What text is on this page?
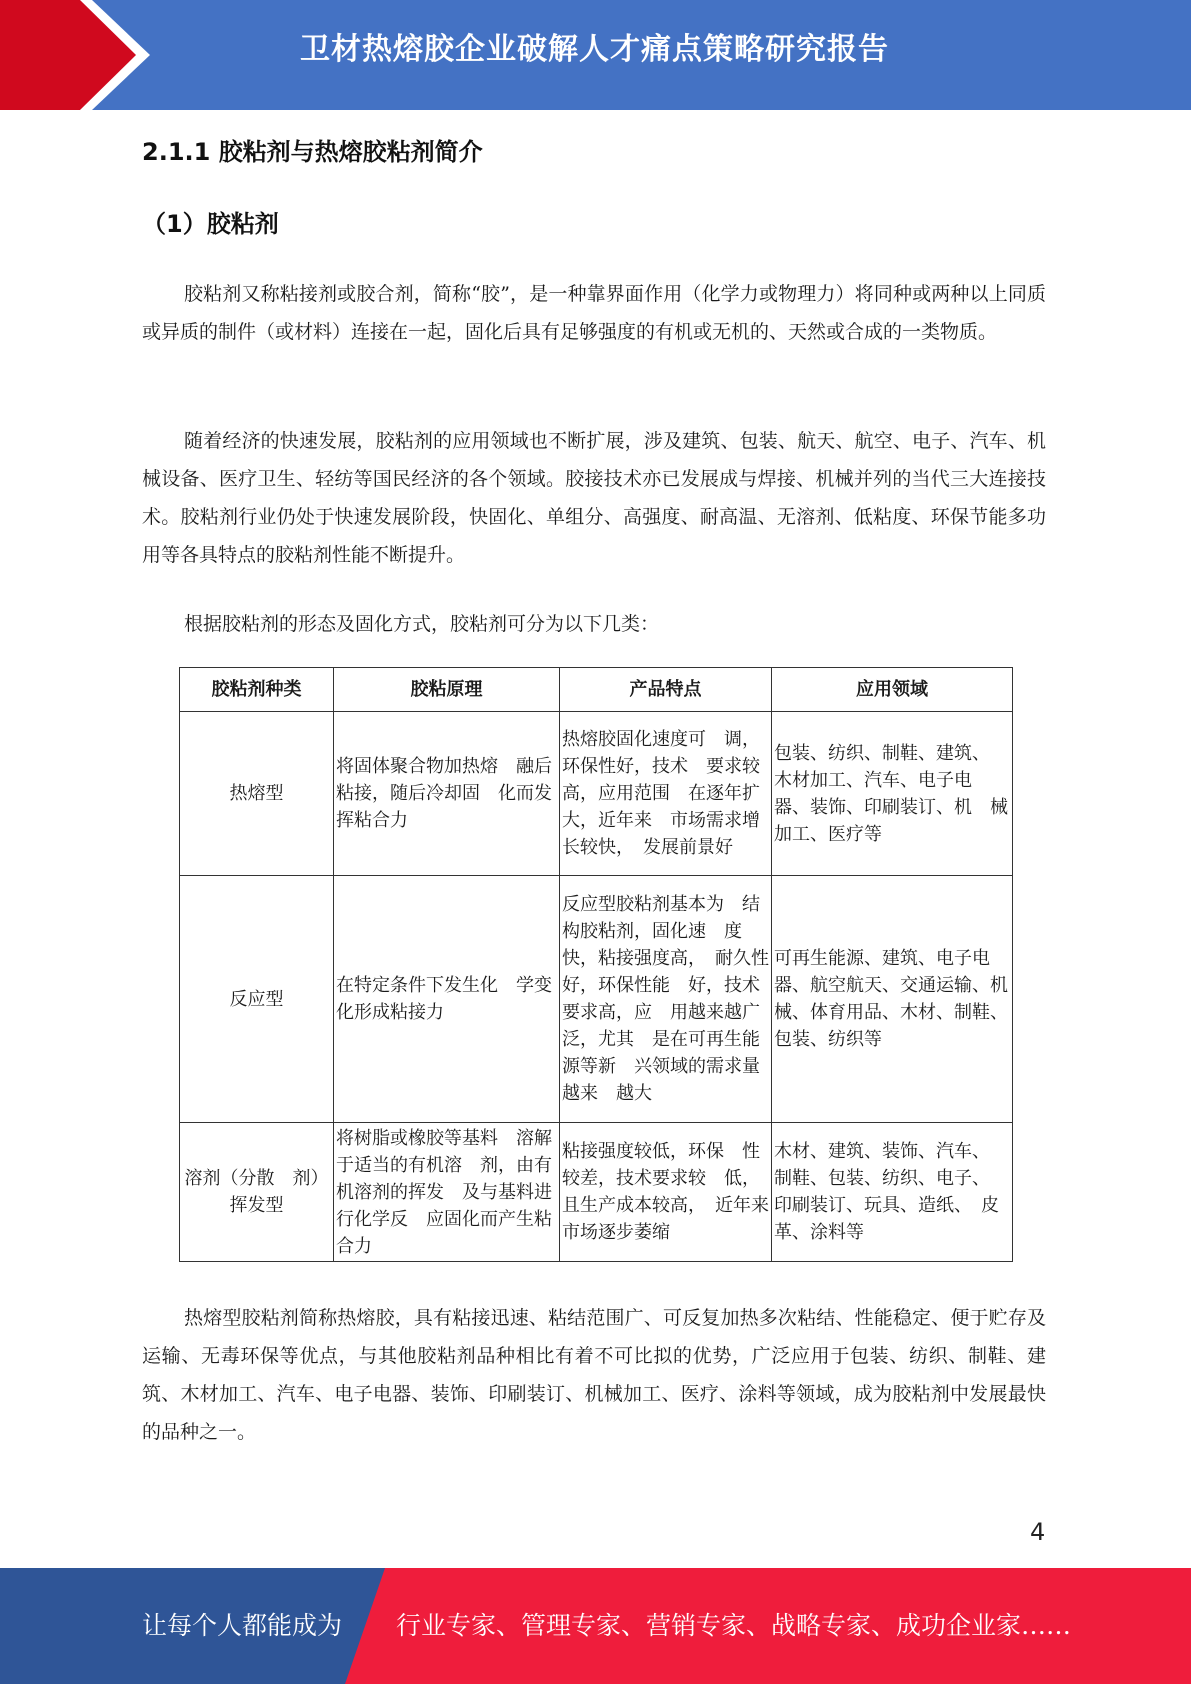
卫材热熔胶企业破解人才痛点策略研究报告
2.1.1 胶粘剂与热熔胶粘剂简介
（1）胶粘剂

胶粘剂又称粘接剂或胶合剂，简称“胶”，是一种靠界面作用（化学力或物理力）将同种或两种以上同质或异质的制件（或材料）连接在一起，固化后具有足够强度的有机或无机的、天然或合成的一类物质。

随着经济的快速发展，胶粘剂的应用领域也不断扩展，涉及建筑、包装、航天、航空、电子、汽车、机械设备、医疗卫生、轻纺等国民经济的各个领域。胶接技术亦已发展成与焊接、机械并列的当代三大连接技术。胶粘剂行业仍处于快速发展阶段，快固化、单组分、高强度、耐高温、无溶剂、低粘度、环保节能多功用等各具特点的胶粘剂性能不断提升。

根据胶粘剂的形态及固化方式，胶粘剂可分为以下几类：

胶粘剂种类	胶粘原理	产品特点	应用领域
热熔型	将固体聚合物加热熔　融后粘接，随后冷却固　化而发挥粘合力	热熔胶固化速度可　调，环保性好，技术　要求较高，应用范围　在逐年扩大，近年来　市场需求增长较快，　发展前景好	包装、纺织、制鞋、建筑、　木材加工、汽车、电子电　器、装饰、印刷装订、机　械加工、医疗等
反应型	在特定条件下发生化　学变化形成粘接力	反应型胶粘剂基本为　结构胶粘剂，固化速　度快，粘接强度高，　耐久性好，环保性能　好，技术要求高，应　用越来越广泛，尤其　是在可再生能源等新　兴领域的需求量越来　越大	可再生能源、建筑、电子电器、航空航天、交通运输、机械、体育用品、木材、制鞋、包装、纺织等
溶剂（分散　剂）挥发型	将树脂或橡胶等基料　溶解于适当的有机溶　剂，由有机溶剂的挥发　及与基料进行化学反　应固化而产生粘合力	粘接强度较低，环保　性较差，技术要求较　低，且生产成本较高，　近年来市场逐步萎缩	木材、建筑、装饰、汽车、　制鞋、包装、纺织、电子、　印刷装订、玩具、造纸、　皮革、涂料等

热熔型胶粘剂简称热熔胶，具有粘接迅速、粘结范围广、可反复加热多次粘结、性能稳定、便于贮存及运输、无毒环保等优点，与其他胶粘剂品种相比有着不可比拟的优势，广泛应用于包装、纺织、制鞋、建筑、木材加工、汽车、电子电器、装饰、印刷装订、机械加工、医疗、涂料等领域，成为胶粘剂中发展最快的品种之一。

4
让每个人都能成为 行业专家、管理专家、营销专家、战略专家、成功企业家……
